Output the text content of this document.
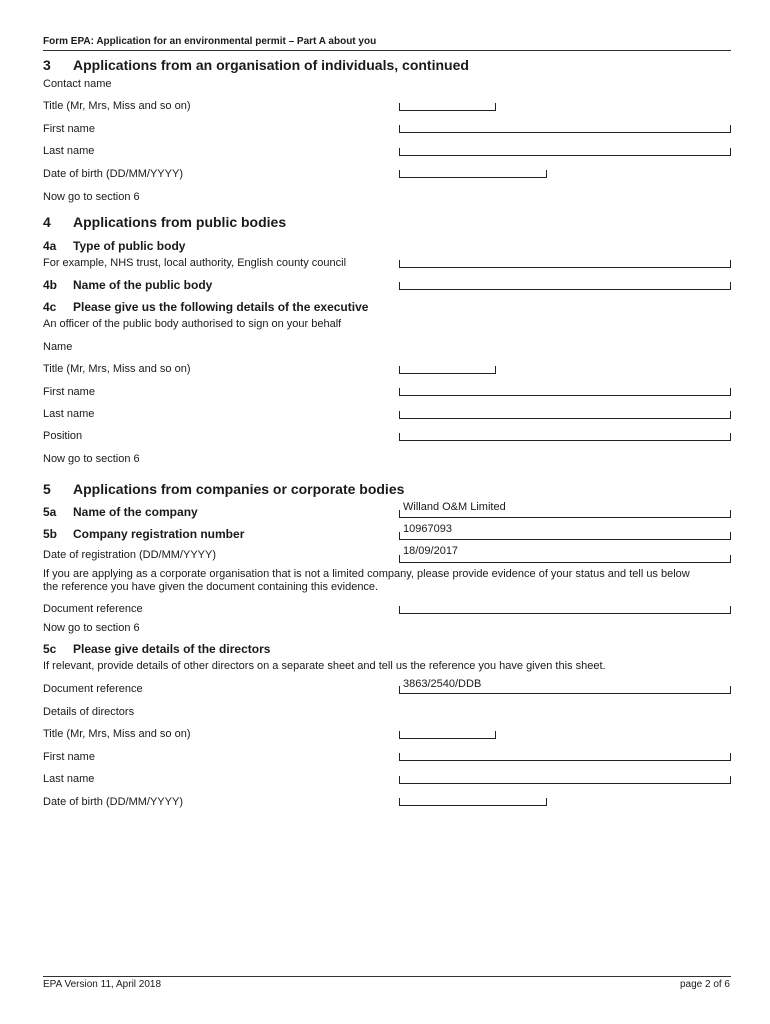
Form EPA: Application for an environmental permit – Part A about you
3 Applications from an organisation of individuals, continued
Contact name
Title (Mr, Mrs, Miss and so on)
First name
Last name
Date of birth (DD/MM/YYYY)
Now go to section 6
4 Applications from public bodies
4a Type of public body
For example, NHS trust, local authority, English county council
4b Name of the public body
4c Please give us the following details of the executive
An officer of the public body authorised to sign on your behalf
Name
Title (Mr, Mrs, Miss and so on)
First name
Last name
Position
Now go to section 6
5 Applications from companies or corporate bodies
5a Name of the company	Willand O&M Limited
5b Company registration number	10967093
Date of registration (DD/MM/YYYY)	18/09/2017
If you are applying as a corporate organisation that is not a limited company, please provide evidence of your status and tell us below
the reference you have given the document containing this evidence.
Document reference
Now go to section 6
5c Please give details of the directors
If relevant, provide details of other directors on a separate sheet and tell us the reference you have given this sheet.
Document reference	3863/2540/DDB
Details of directors
Title (Mr, Mrs, Miss and so on)
First name
Last name
Date of birth (DD/MM/YYYY)
EPA Version 11, April 2018	page 2 of 6
